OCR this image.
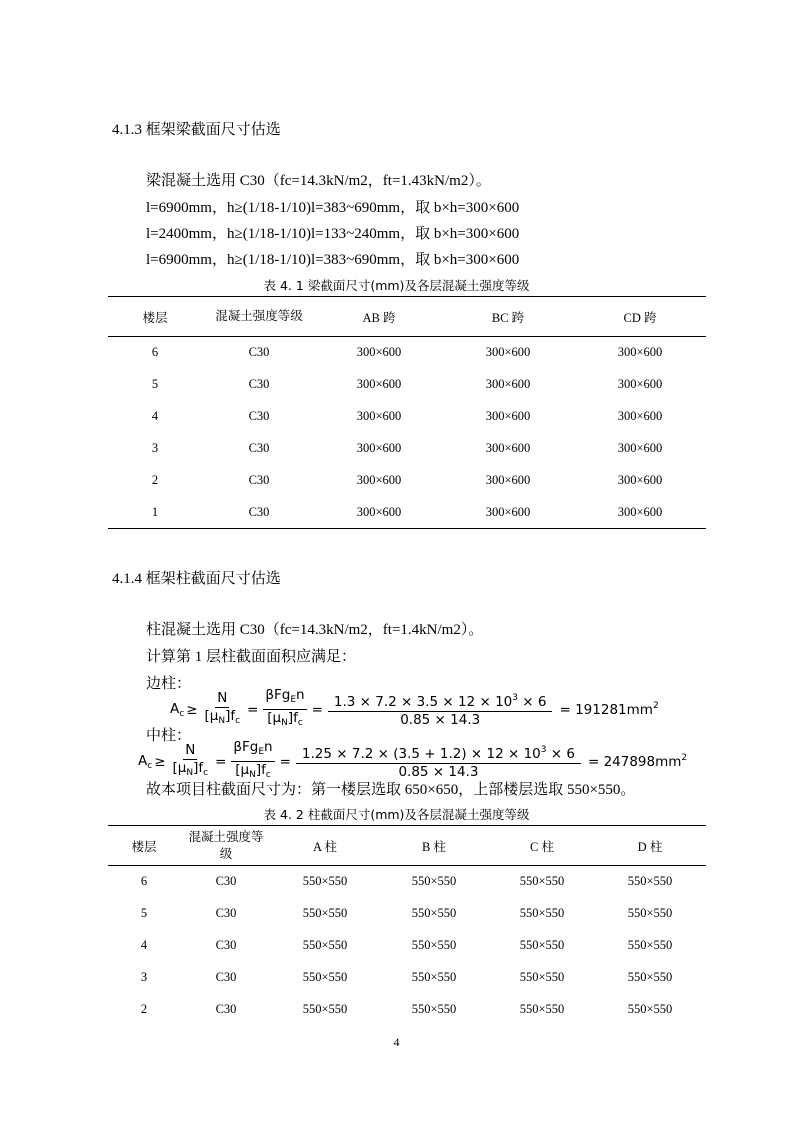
4.1.3 框架梁截面尺寸估选
梁混凝土选用 C30（fc=14.3kN/m2，ft=1.43kN/m2）。
l=6900mm，h≥(1/18-1/10)l=383~690mm，取 b×h=300×600
l=2400mm，h≥(1/18-1/10)l=133~240mm，取 b×h=300×600
l=6900mm，h≥(1/18-1/10)l=383~690mm，取 b×h=300×600
表 4. 1 梁截面尺寸(mm)及各层混凝土强度等级
楼层	混凝土强度等级	AB 跨	BC 跨	CD 跨
6	C30	300×600	300×600	300×600
5	C30	300×600	300×600	300×600
4	C30	300×600	300×600	300×600
3	C30	300×600	300×600	300×600
2	C30	300×600	300×600	300×600
1	C30	300×600	300×600	300×600
4.1.4 框架柱截面尺寸估选
柱混凝土选用 C30（fc=14.3kN/m2，ft=1.4kN/m2）。
计算第 1 层柱截面面积应满足：
边柱：
$A_c \ge \frac{N}{[\mu_N]f_c} = \frac{\beta Fg_En}{[\mu_N]f_c} = \frac{1.3 \times 7.2 \times 3.5 \times 12 \times 10^3 \times 6}{0.85 \times 14.3} = 191281mm^2$
中柱：
$A_c \ge \frac{N}{[\mu_N]f_c} = \frac{\beta Fg_En}{[\mu_N]f_c} = \frac{1.25 \times 7.2 \times (3.5 + 1.2) \times 12 \times 10^3 \times 6}{0.85 \times 14.3} = 247898mm^2$
故本项目柱截面尺寸为：第一楼层选取 650×650，上部楼层选取 550×550。
表 4. 2 柱截面尺寸(mm)及各层混凝土强度等级
楼层	混凝土强度等级	A 柱	B 柱	C 柱	D 柱
6	C30	550×550	550×550	550×550	550×550
5	C30	550×550	550×550	550×550	550×550
4	C30	550×550	550×550	550×550	550×550
3	C30	550×550	550×550	550×550	550×550
2	C30	550×550	550×550	550×550	550×550
4
